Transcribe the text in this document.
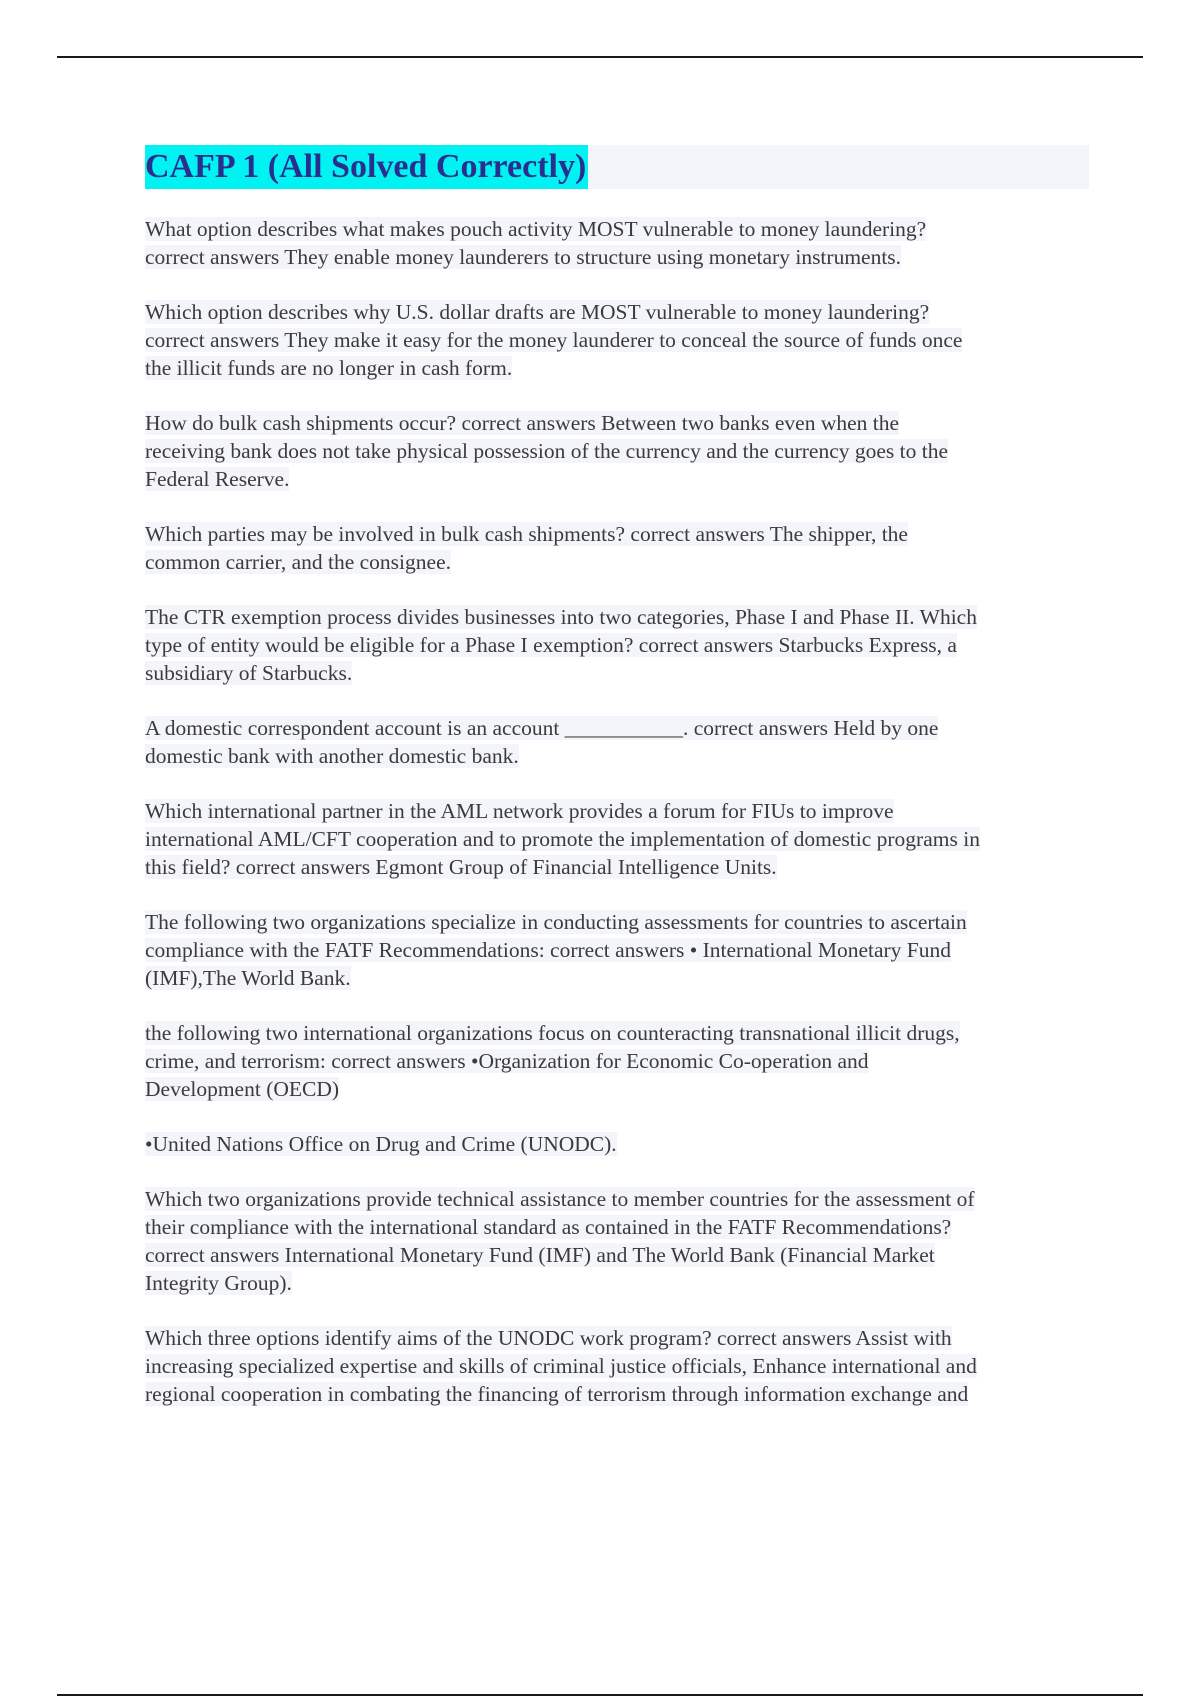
CAFP 1 (All Solved Correctly)
What option describes what makes pouch activity MOST vulnerable to money laundering?
correct answers They enable money launderers to structure using monetary instruments.
Which option describes why U.S. dollar drafts are MOST vulnerable to money laundering?
correct answers They make it easy for the money launderer to conceal the source of funds once
the illicit funds are no longer in cash form.
How do bulk cash shipments occur? correct answers Between two banks even when the
receiving bank does not take physical possession of the currency and the currency goes to the
Federal Reserve.
Which parties may be involved in bulk cash shipments? correct answers The shipper, the
common carrier, and the consignee.
The CTR exemption process divides businesses into two categories, Phase I and Phase II. Which
type of entity would be eligible for a Phase I exemption? correct answers Starbucks Express, a
subsidiary of Starbucks.
A domestic correspondent account is an account ___________. correct answers Held by one
domestic bank with another domestic bank.
Which international partner in the AML network provides a forum for FIUs to improve
international AML/CFT cooperation and to promote the implementation of domestic programs in
this field? correct answers Egmont Group of Financial Intelligence Units.
The following two organizations specialize in conducting assessments for countries to ascertain
compliance with the FATF Recommendations: correct answers • International Monetary Fund
(IMF),The World Bank.
the following two international organizations focus on counteracting transnational illicit drugs,
crime, and terrorism: correct answers •Organization for Economic Co-operation and
Development (OECD)
•United Nations Office on Drug and Crime (UNODC).
Which two organizations provide technical assistance to member countries for the assessment of
their compliance with the international standard as contained in the FATF Recommendations?
correct answers International Monetary Fund (IMF) and The World Bank (Financial Market
Integrity Group).
Which three options identify aims of the UNODC work program? correct answers Assist with
increasing specialized expertise and skills of criminal justice officials, Enhance international and
regional cooperation in combating the financing of terrorism through information exchange and
